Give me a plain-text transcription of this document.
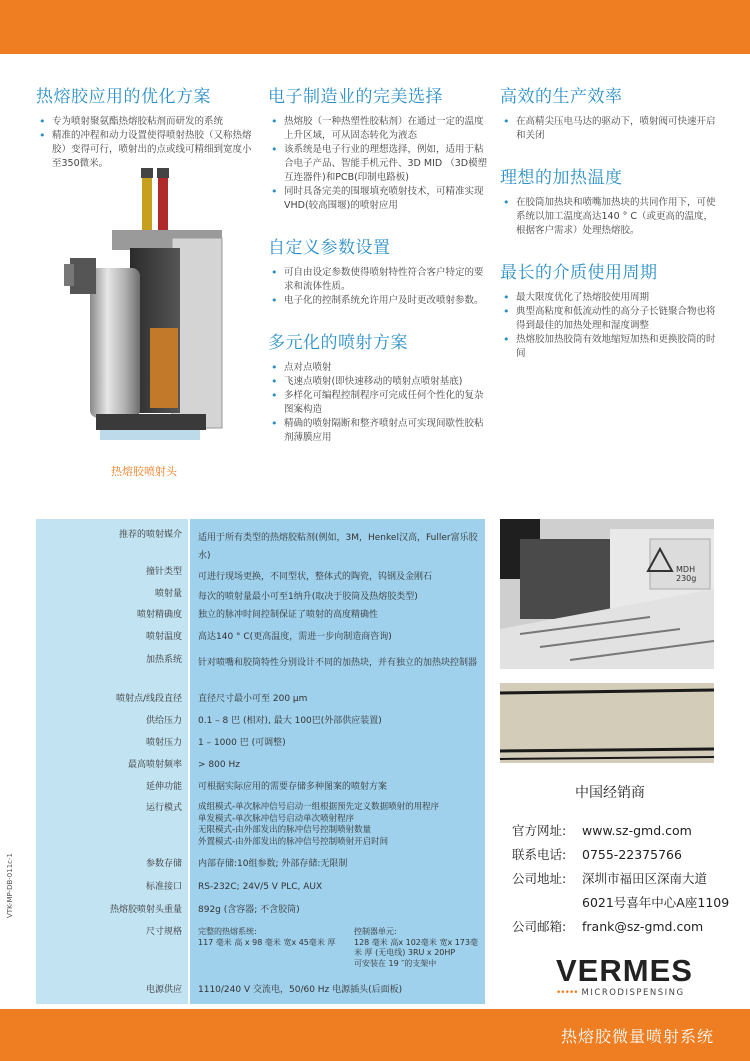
热熔胶应用的优化方案
• 专为喷射聚氨酯热熔胶粘剂而研发的系统
• 精准的冲程和动力设置使得喷射热胶（又称热熔胶）变得可行，喷射出的点或线可精细到宽度小至350微米。
热熔胶喷射头
电子制造业的完美选择
• 热熔胶（一种热塑性胶粘剂）在通过一定的温度上升区域，可从固态转化为液态
• 该系统是电子行业的理想选择，例如，适用于粘合电子产品、智能手机元件、3D MID （3D模塑互连器件)和PCB(印制电路板)
• 同时具备完美的围堰填充喷射技术，可精准实现VHD(较高围堰)的喷射应用
自定义参数设置
• 可自由设定参数使得喷射特性符合客户特定的要求和流体性质。
• 电子化的控制系统允许用户及时更改喷射参数。
多元化的喷射方案
• 点对点喷射
• 飞速点喷射(即快速移动的喷射点喷射基底)
• 多样化可编程控制程序可完成任何个性化的复杂图案构造
• 精确的喷射隔断和整齐喷射点可实现间歇性胶粘剂薄膜应用
高效的生产效率
• 在高精尖压电马达的驱动下，喷射阀可快速开启和关闭
理想的加热温度
• 在胶筒加热块和喷嘴加热块的共同作用下，可使系统以加工温度高达140 ° C（或更高的温度，根据客户需求）处理热熔胶。
最长的介质使用周期
• 最大限度优化了热熔胶使用周期
• 典型高粘度和低流动性的高分子长链聚合物也将得到最佳的加热处理和湿度调整
• 热熔胶加热胶筒有效地缩短加热和更换胶筒的时间
推荐的喷射媒介 适用于所有类型的热熔胶粘剂(例如，3M，Henkel汉高，Fuller富乐胶水)
撞针类型 可进行现场更换，不同型状，整体式的陶瓷，钨钢及金刚石
喷射量 每次的喷射量最小可至1纳升(取决于胶筒及热熔胶类型)
喷射精确度 独立的脉冲时间控制保证了喷射的高度精确性
喷射温度 高达140 ° C(更高温度，需进一步向制造商咨询)
加热系统 针对喷嘴和胶筒特性分别设计不同的加热块，并有独立的加热块控制器
喷射点/线段直径 直径尺寸最小可至 200 μm
供给压力 0.1 – 8 巴 (相对), 最大 100巴(外部供应装置)
喷射压力 1 – 1000 巴 (可调整)
最高喷射频率 > 800 Hz
延伸功能 可根据实际应用的需要存储多种图案的喷射方案
运行模式 成组模式-单次脉冲信号启动一组根据预先定义数据喷射的用程序
单发模式-单次脉冲信号启动单次喷射程序
无限模式-由外部发出的脉冲信号控制喷射数量
外置模式-由外部发出的脉冲信号控制喷射开启时间
参数存储 内部存储:10组参数; 外部存储:无限制
标准接口 RS-232C; 24V/5 V PLC, AUX
热熔胶喷射头重量 892g (含容器; 不含胶筒)
尺寸规格 完整的热熔系统:
117 毫米 高 x 98 毫米 宽x 45毫米 厚
控制器单元:
128 毫米 高x 102毫米 宽x 173毫米 厚 (无电线) 3RU x 20HP
可安装在 19 ″的支架中
电源供应 1110/240 V 交流电，50/60 Hz 电源插头(后面板)
VTK-MP-DB-011c-1
MDH 230g
中国经销商
官方网址: www.sz-gmd.com
联系电话: 0755-22375766
公司地址: 深圳市福田区深南大道
6021号喜年中心A座1109
公司邮箱: frank@sz-gmd.com
VERMES
••••• MICRODISPENSING
热熔胶微量喷射系统
